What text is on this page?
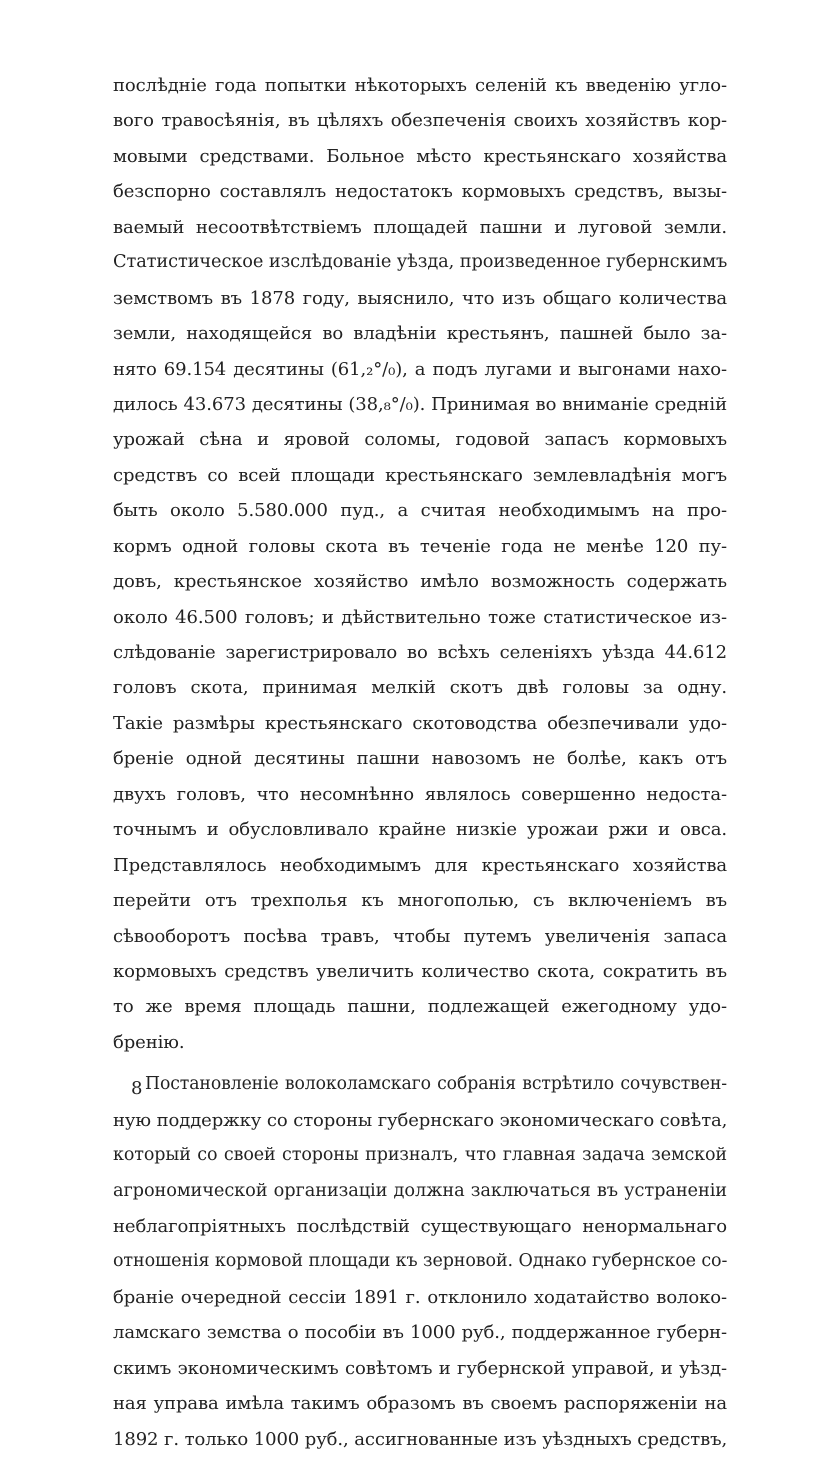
послѣдніе года попытки нѣкоторыхъ селеній къ введенію угло-
вого травосѣянія, въ цѣляхъ обезпеченія своихъ хозяйствъ кор-
мовыми средствами. Больное мѣсто крестьянскаго хозяйства
безспорно составлялъ недостатокъ кормовыхъ средствъ, вызы-
ваемый несоотвѣтствіемъ площадей пашни и луговой земли.
Статистическое изслѣдованіе уѣзда, произведенное губернскимъ
земствомъ въ 1878 году, выяснило, что изъ общаго количества
земли, находящейся во владѣніи крестьянъ, пашней было за-
нято 69.154 десятины (61,₂°/₀), а подъ лугами и выгонами нахо-
дилось 43.673 десятины (38,₈°/₀). Принимая во вниманіе средній
урожай сѣна и яровой соломы, годовой запасъ кормовыхъ
средствъ со всей площади крестьянскаго землевладѣнія могъ
быть около 5.580.000 пуд., а считая необходимымъ на про-
кормъ одной головы скота въ теченіе года не менѣе 120 пу-
довъ, крестьянское хозяйство имѣло возможность содержать
около 46.500 головъ; и дѣйствительно тоже статистическое из-
слѣдованіе зарегистрировало во всѣхъ селеніяхъ уѣзда 44.612
головъ скота, принимая мелкій скотъ двѣ головы за одну.
Такіе размѣры крестьянскаго скотоводства обезпечивали удо-
бреніе одной десятины пашни навозомъ не болѣе, какъ отъ
двухъ головъ, что несомнѣнно являлось совершенно недоста-
точнымъ и обусловливало крайне низкіе урожаи ржи и овса.
Представлялось необходимымъ для крестьянскаго хозяйства
перейти отъ трехполья къ многополью, съ включеніемъ въ
сѣвооборотъ посѣва травъ, чтобы путемъ увеличенія запаса
кормовыхъ средствъ увеличить количество скота, сократить въ
то же время площадь пашни, подлежащей ежегодному удо-
бренію.
Постановленіе волоколамскаго собранія встрѣтило сочувствен-
ную поддержку со стороны губернскаго экономическаго совѣта,
который со своей стороны призналъ, что главная задача земской
агрономической организаціи должна заключаться въ устраненіи
неблагопріятныхъ послѣдствій существующаго ненормальнаго
отношенія кормовой площади къ зерновой. Однако губернское со-
браніе очередной сессіи 1891 г. отклонило ходатайство волоко-
ламскаго земства о пособіи въ 1000 руб., поддержанное губерн-
скимъ экономическимъ совѣтомъ и губернской управой, и уѣзд-
ная управа имѣла такимъ образомъ въ своемъ распоряженіи на
1892 г. только 1000 руб., ассигнованные изъ уѣздныхъ средствъ,
8
